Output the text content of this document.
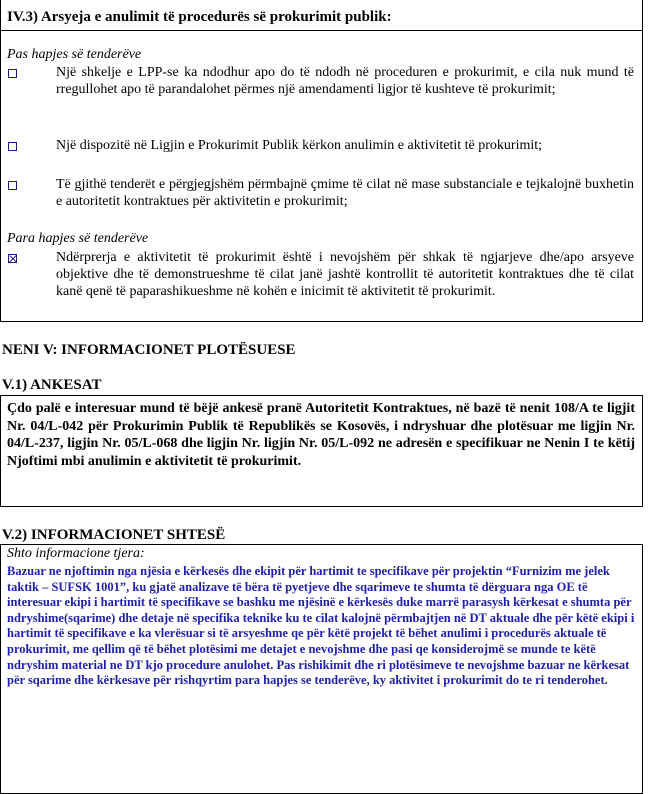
IV.3) Arsyeja e anulimit të procedurës së prokurimit publik:
Pas hapjes së tenderëve
Një shkelje e LPP-se ka ndodhur apo do të ndodh në proceduren e prokurimit, e cila nuk mund të rregullohet apo të parandalohet përmes një amendamenti ligjor të kushteve të prokurimit;
Një dispozitë në Ligjin e Prokurimit Publik kërkon anulimin e aktivitetit të prokurimit;
Të gjithë tenderët e përgjegjshëm përmbajnë çmime të cilat në mase substanciale e tejkalojnë buxhetin e autoritetit kontraktues për aktivitetin e prokurimit;
Para hapjes së tenderëve
Ndërprerja e aktivitetit të prokurimit është i nevojshëm për shkak të ngjarjeve dhe/apo arsyeve objektive dhe të demonstrueshme të cilat janë jashtë kontrollit të autoritetit kontraktues dhe të cilat kanë qenë të paparashikueshme në kohën e inicimit të aktivitetit të prokurimit.
NENI V: INFORMACIONET PLOTËSUESE
V.1) ANKESAT
Çdo palë e interesuar mund të bëjë ankesë pranë Autoritetit Kontraktues, në bazë të nenit 108/A te ligjit Nr. 04/L-042 për Prokurimin Publik të Republikës se Kosovës, i ndryshuar dhe plotësuar me ligjin Nr. 04/L-237, ligjin Nr. 05/L-068 dhe ligjin Nr. ligjin Nr. 05/L-092 ne adresën e specifikuar ne Nenin I te këtij Njoftimi mbi anulimin e aktivitetit të prokurimit.
V.2) INFORMACIONET SHTESË
Shto informacione tjera:
Bazuar ne njoftimin nga njësia e kërkesës dhe ekipit për hartimit te specifikave për projektin “Furnizim me jelek taktik – SUFSK 1001”, ku gjatë analizave të bëra të pyetjeve dhe sqarimeve te shumta të dërguara nga OE të interesuar ekipi i hartimit të specifikave se bashku me njësinë e kërkesës duke marrë parasysh kërkesat e shumta për ndryshime(sqarime) dhe detaje në specifika teknike ku te cilat kalojnë përmbajtjen në DT aktuale dhe për këtë ekipi i hartimit të specifikave e ka vlerësuar si të arsyeshme qe për këtë projekt të bëhet anulimi i procedurës aktuale të prokurimit, me qellim që të bëhet plotësimi me detajet e nevojshme dhe pasi qe konsiderojmë se munde te këtë ndryshim material ne DT kjo procedure anulohet. Pas rishikimit dhe ri plotësimeve te nevojshme bazuar ne kërkesat për sqarime dhe kërkesave për rishqyrtim para hapjes se tenderëve, ky aktivitet i prokurimit do te ri tenderohet.
